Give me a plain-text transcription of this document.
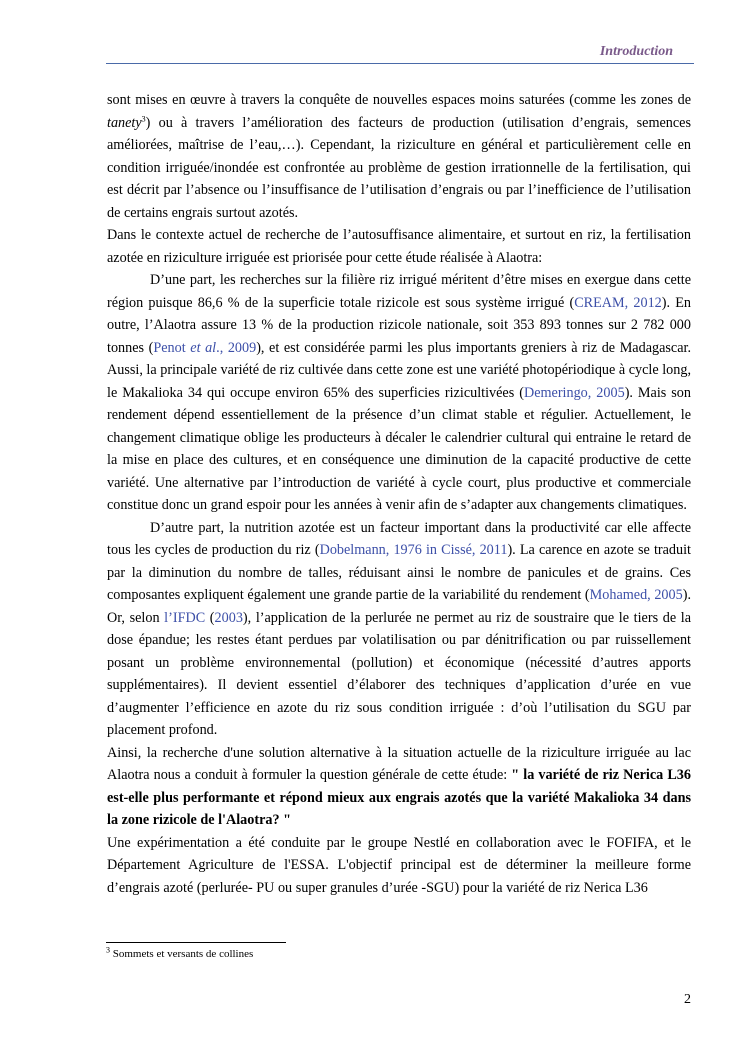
Introduction

sont mises en œuvre à travers la conquête de nouvelles espaces moins saturées (comme les zones de tanety$^3$) ou à travers l’amélioration des facteurs de production (utilisation d’engrais, semences améliorées, maîtrise de l’eau,…). Cependant, la riziculture en général et particulièrement celle en condition irriguée/inondée est confrontée au problème de gestion irrationnelle de la fertilisation, qui est décrit par l’absence ou l’insuffisance de l’utilisation d’engrais ou par l’inefficience de l’utilisation de certains engrais surtout azotés.

Dans le contexte actuel de recherche de l’autosuffisance alimentaire, et surtout en riz, la fertilisation azotée en riziculture irriguée est priorisée pour cette étude réalisée à Alaotra:

D’une part, les recherches sur la filière riz irrigué méritent d’être mises en exergue dans cette région puisque 86,6 % de la superficie totale rizicole est sous système irrigué (CREAM, 2012). En outre, l’Alaotra assure 13 % de la production rizicole nationale, soit 353 893 tonnes sur 2 782 000 tonnes (Penot et al., 2009), et est considérée parmi les plus importants greniers à riz de Madagascar. Aussi, la principale variété de riz cultivée dans cette zone est une variété photopériodique à cycle long, le Makalioka 34 qui occupe environ 65% des superficies rizicultivées (Demeringo, 2005). Mais son rendement dépend essentiellement de la présence d’un climat stable et régulier. Actuellement, le changement climatique oblige les producteurs à décaler le calendrier cultural qui entraine le retard de la mise en place des cultures, et en conséquence une diminution de la capacité productive de cette variété. Une alternative par l’introduction de variété à cycle court, plus productive et commerciale constitue donc un grand espoir pour les années à venir afin de s’adapter aux changements climatiques.

D’autre part, la nutrition azotée est un facteur important dans la productivité car elle affecte tous les cycles de production du riz (Dobelmann, 1976 in Cissé, 2011). La carence en azote se traduit par la diminution du nombre de talles, réduisant ainsi le nombre de panicules et de grains. Ces composantes expliquent également une grande partie de la variabilité du rendement (Mohamed, 2005). Or, selon l’IFDC (2003), l’application de la perlurée ne permet au riz de soustraire que le tiers de la dose épandue; les restes étant perdues par volatilisation ou par dénitrification ou par ruissellement posant un problème environnemental (pollution) et économique (nécessité d’autres apports supplémentaires). Il devient essentiel d’élaborer des techniques d’application d’urée en vue d’augmenter l’efficience en azote du riz sous condition irriguée : d’où l’utilisation du SGU par placement profond.

Ainsi, la recherche d'une solution alternative à la situation actuelle de la riziculture irriguée au lac Alaotra nous a conduit à formuler la question générale de cette étude: " la variété de riz Nerica L36 est-elle plus performante et répond mieux aux engrais azotés que la variété Makalioka 34 dans la zone rizicole de l'Alaotra? "

Une expérimentation a été conduite par le groupe Nestlé en collaboration avec le FOFIFA, et le Département Agriculture de l'ESSA. L'objectif principal est de déterminer la meilleure forme d’engrais azoté (perlurée- PU ou super granules d’urée -SGU) pour la variété de riz Nerica L36

$^3$ Sommets et versants de collines
2
